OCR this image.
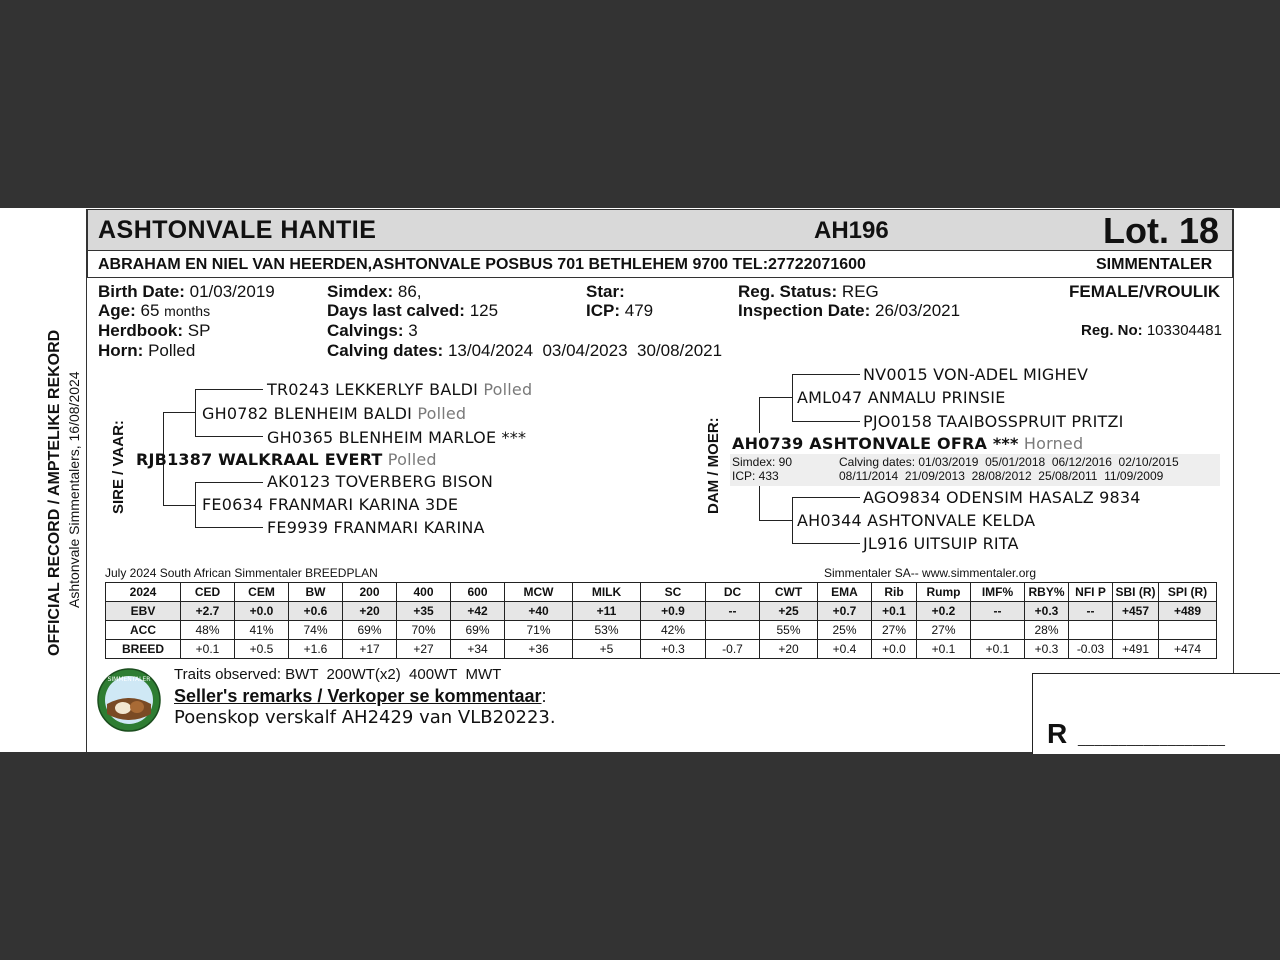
ASHTONVALE HANTIE	AH196	Lot. 18
ABRAHAM EN NIEL VAN HEERDEN,ASHTONVALE POSBUS 701 BETHLEHEM 9700 TEL:27722071600	SIMMENTALER
Birth Date: 01/03/2019
Age: 65 months
Herdbook: SP
Horn: Polled
Simdex: 86,
Days last calved: 125
Calvings: 3
Calving dates: 13/04/2024  03/04/2023  30/08/2021
Star:
ICP: 479
Reg. Status: REG
Inspection Date: 26/03/2021
FEMALE/VROULIK
Reg. No: 103304481
OFFICIAL RECORD / AMPTELIKE REKORD Ashtonvale Simmentalers, 16/08/2024 SIRE / VAAR:
TR0243 LEKKERLYF BALDI Polled
GH0782 BLENHEIM BALDI Polled
GH0365 BLENHEIM MARLOE ***
RJB1387 WALKRAAL EVERT Polled
AK0123 TOVERBERG BISON
FE0634 FRANMARI KARINA 3DE
FE9939 FRANMARI KARINA
DAM / MOER:
NV0015 VON-ADEL MIGHEV
AML047 ANMALU PRINSIE
PJO0158 TAAIBOSSPRUIT PRITZI
AH0739 ASHTONVALE OFRA *** Horned
Simdex: 90
ICP: 433
Calving dates: 01/03/2019  05/01/2018  06/12/2016  02/10/2015
08/11/2014  21/09/2013  28/08/2012  25/08/2011  11/09/2009
AGO9834 ODENSIM HASALZ 9834
AH0344 ASHTONVALE KELDA
JL916 UITSUIP RITA
July 2024 South African Simmentaler BREEDPLAN	Simmentaler SA-- www.simmentaler.org
2024	CED	CEM	BW	200	400	600	MCW	MILK	SC	DC	CWT	EMA	Rib	Rump	IMF%	RBY%	NFI P	SBI (R)	SPI (R)
EBV	+2.7	+0.0	+0.6	+20	+35	+42	+40	+11	+0.9	--	+25	+0.7	+0.1	+0.2	--	+0.3	--	+457	+489
ACC	48%	41%	74%	69%	70%	69%	71%	53%	42%		55%	25%	27%	27%		28%			
BREED	+0.1	+0.5	+1.6	+17	+27	+34	+36	+5	+0.3	-0.7	+20	+0.4	+0.0	+0.1	+0.1	+0.3	-0.03	+491	+474
SIMMENTALER Traits observed: BWT  200WT(x2)  400WT  MWT
Seller's remarks / Verkoper se kommentaar:
Poenskop verskalf AH2429 van VLB20223.
R __________________
